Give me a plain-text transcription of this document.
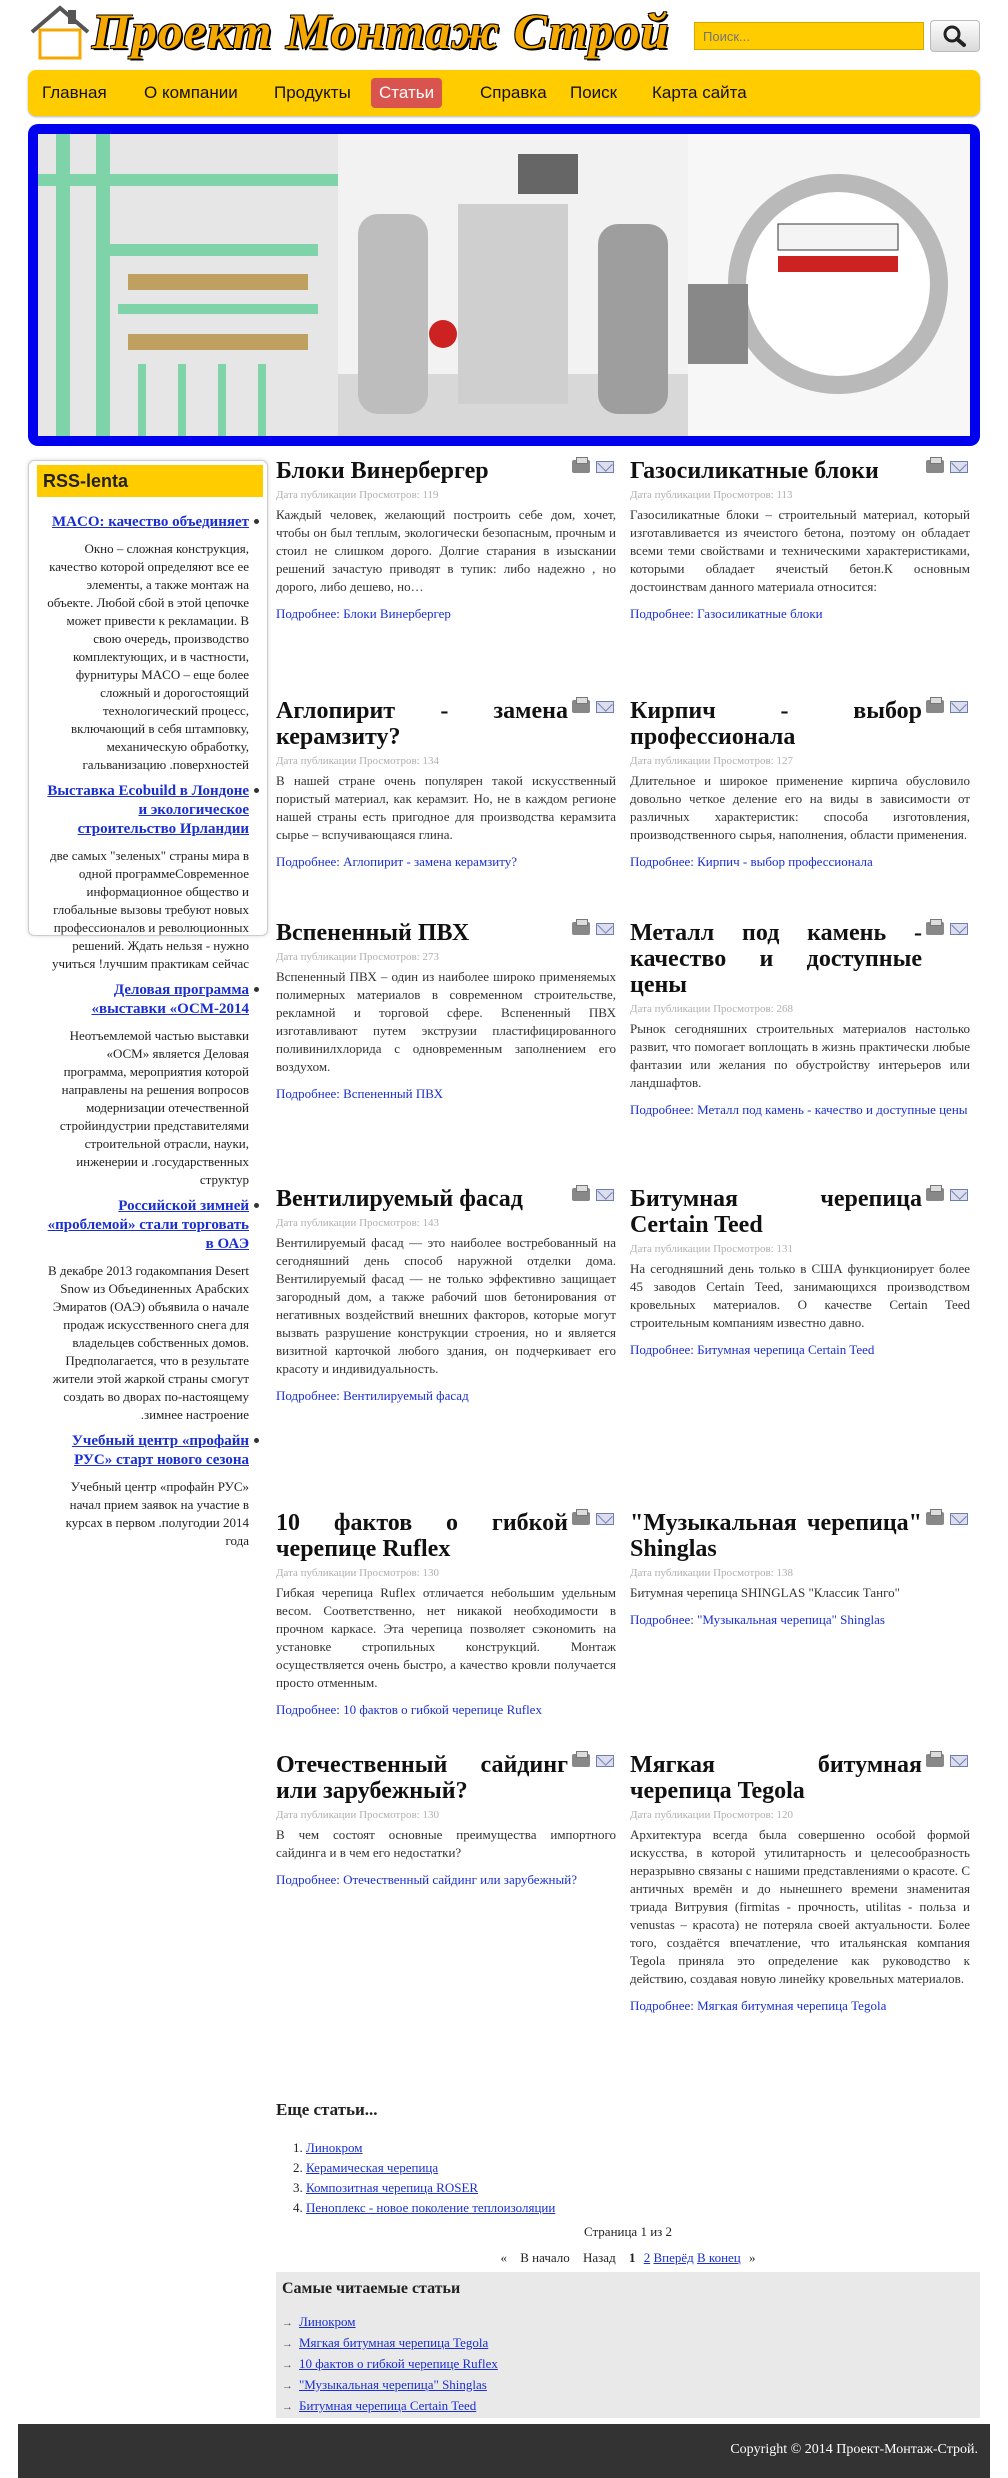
Проект Монтаж Строй
Поиск...
Главная	О компании	Продукты	Статьи	Справка	Поиск	Карта сайта
RSS-lenta
MACO: качество объединяет
Окно – сложная конструкция, качество которой определяют все ее элементы, а также монтаж на объекте. Любой сбой в этой цепочке может привести к рекламации. В свою очередь, производство комплектующих, и в частности, фурнитуры MACO – еще более сложный и дорогостоящий технологический процесс, включающий в себя штамповку, механическую обработку, гальванизацию .поверхностей
Выставка Ecobuild в Лондоне и экологическое строительство Ирландии
две самых "зеленых" страны мира в одной программеСовременное информационное общество и глобальные вызовы требуют новых профессионалов и революционных решений. Ждать нельзя - нужно учиться !лучшим практикам сейчас
Деловая программа «выставки «ОСМ-2014
Неотъемлемой частью выставки «ОСМ» является Деловая программа, мероприятия которой направлены на решения вопросов модернизации отечественной стройиндустрии представителями строительной отрасли, науки, инженерии и .государственных структур
Российской зимней «проблемой» стали торговать в ОАЭ
В декабре 2013 годакомпания Desert Snow из Объединенных Арабских Эмиратов (ОАЭ) объявила о начале продаж искусственного снега для владельцев собственных домов. Предполагается, что в результате жители этой жаркой страны смогут создать во дворах по-настоящему .зимнее настроение
Учебный центр «профайн РУС» старт нового сезона
Учебный центр «профайн РУС» начал прием заявок на участие в курсах в первом .полугодии 2014 года
Блоки Винербергер
Дата публикации Просмотров: 119
Каждый человек, желающий построить себе дом, хочет, чтобы он был теплым, экологически безопасным, прочным и стоил не слишком дорого. Долгие старания в изыскании решений зачастую приводят в тупик: либо надежно , но дорого, либо дешево, но…
Подробнее: Блоки Винербергер
Газосиликатные блоки
Дата публикации Просмотров: 113
Газосиликатные блоки – строительный материал, который изготавливается из ячеистого бетона, поэтому он обладает всеми теми свойствами и техническими характеристиками, которыми обладает ячеистый бетон.К основным достоинствам данного материала относится:
Подробнее: Газосиликатные блоки
Аглопирит - замена керамзиту?
Дата публикации Просмотров: 134
В нашей стране очень популярен такой искусственный пористый материал, как керамзит. Но, не в каждом регионе нашей страны есть пригодное для производства керамзита сырье – вспучивающаяся глина.
Подробнее: Аглопирит - замена керамзиту?
Кирпич - выбор профессионала
Дата публикации Просмотров: 127
Длительное и широкое применение кирпича обусловило довольно четкое деление его на виды в зависимости от различных характеристик: способа изготовления, производственного сырья, наполнения, области применения.
Подробнее: Кирпич - выбор профессионала
Вспененный ПВХ
Дата публикации Просмотров: 273
Вспененный ПВХ – один из наиболее широко применяемых полимерных материалов в современном строительстве, рекламной и торговой сфере. Вспененный ПВХ изготавливают путем экструзии пластифицированного поливинилхлорида с одновременным заполнением его воздухом.
Подробнее: Вспененный ПВХ
Металл под камень - качество и доступные цены
Дата публикации Просмотров: 268
Рынок сегодняшних строительных материалов настолько развит, что помогает воплощать в жизнь практически любые фантазии или желания по обустройству интерьеров или ландшафтов.
Подробнее: Металл под камень - качество и доступные цены
Вентилируемый фасад
Дата публикации Просмотров: 143
Вентилируемый фасад — это наиболее востребованный на сегодняшний день способ наружной отделки дома. Вентилируемый фасад — не только эффективно защищает загородный дом, а также рабочий шов бетонирования от негативных воздействий внешних факторов, которые могут вызвать разрушение конструкции строения, но и является визитной карточкой любого здания, он подчеркивает его красоту и индивидуальность.
Подробнее: Вентилируемый фасад
Битумная черепица Certain Teed
Дата публикации Просмотров: 131
На сегодняшний день только в США функционирует более 45 заводов Certain Teed, занимающихся производством кровельных материалов. О качестве Certain Teed строительным компаниям известно давно.
Подробнее: Битумная черепица Certain Teed
10 фактов о гибкой черепице Ruflex
Дата публикации Просмотров: 130
Гибкая черепица Ruflex отличается небольшим удельным весом. Соответственно, нет никакой необходимости в прочном каркасе. Эта черепица позволяет сэкономить на установке стропильных конструкций. Монтаж осуществляется очень быстро, а качество кровли получается просто отменным.
Подробнее: 10 фактов о гибкой черепице Ruflex
"Музыкальная черепица" Shinglas
Дата публикации Просмотров: 138
Битумная черепица SHINGLAS "Классик Танго"
Подробнее: "Музыкальная черепица" Shinglas
Отечественный сайдинг или зарубежный?
Дата публикации Просмотров: 130
В чем состоят основные преимущества импортного сайдинга и в чем его недостатки?
Подробнее: Отечественный сайдинг или зарубежный?
Мягкая битумная черепица Tegola
Дата публикации Просмотров: 120
Архитектура всегда была совершенно особой формой искусства, в которой утилитарность и целесообразность неразрывно связаны с нашими представлениями о красоте. С античных времён и до нынешнего времени знаменитая триада Витрувия (firmitas - прочность, utilitas - польза и venustas – красота) не потеряла своей актуальности. Более того, создаётся впечатление, что итальянская компания Tegola приняла это определение как руководство к действию, создавая новую линейку кровельных материалов.
Подробнее: Мягкая битумная черепица Tegola
Еще статьи...
1. Линокром
2. Керамическая черепица
3. Композитная черепица ROSER
4. Пеноплекс - новое поколение теплоизоляции
Страница 1 из 2
« В начало Назад 1 2 Вперёд В конец »
Самые читаемые статьи
→ Линокром
→ Мягкая битумная черепица Tegola
→ 10 фактов о гибкой черепице Ruflex
→ "Музыкальная черепица" Shinglas
→ Битумная черепица Certain Teed
Copyright © 2014 Проект-Монтаж-Строй.
